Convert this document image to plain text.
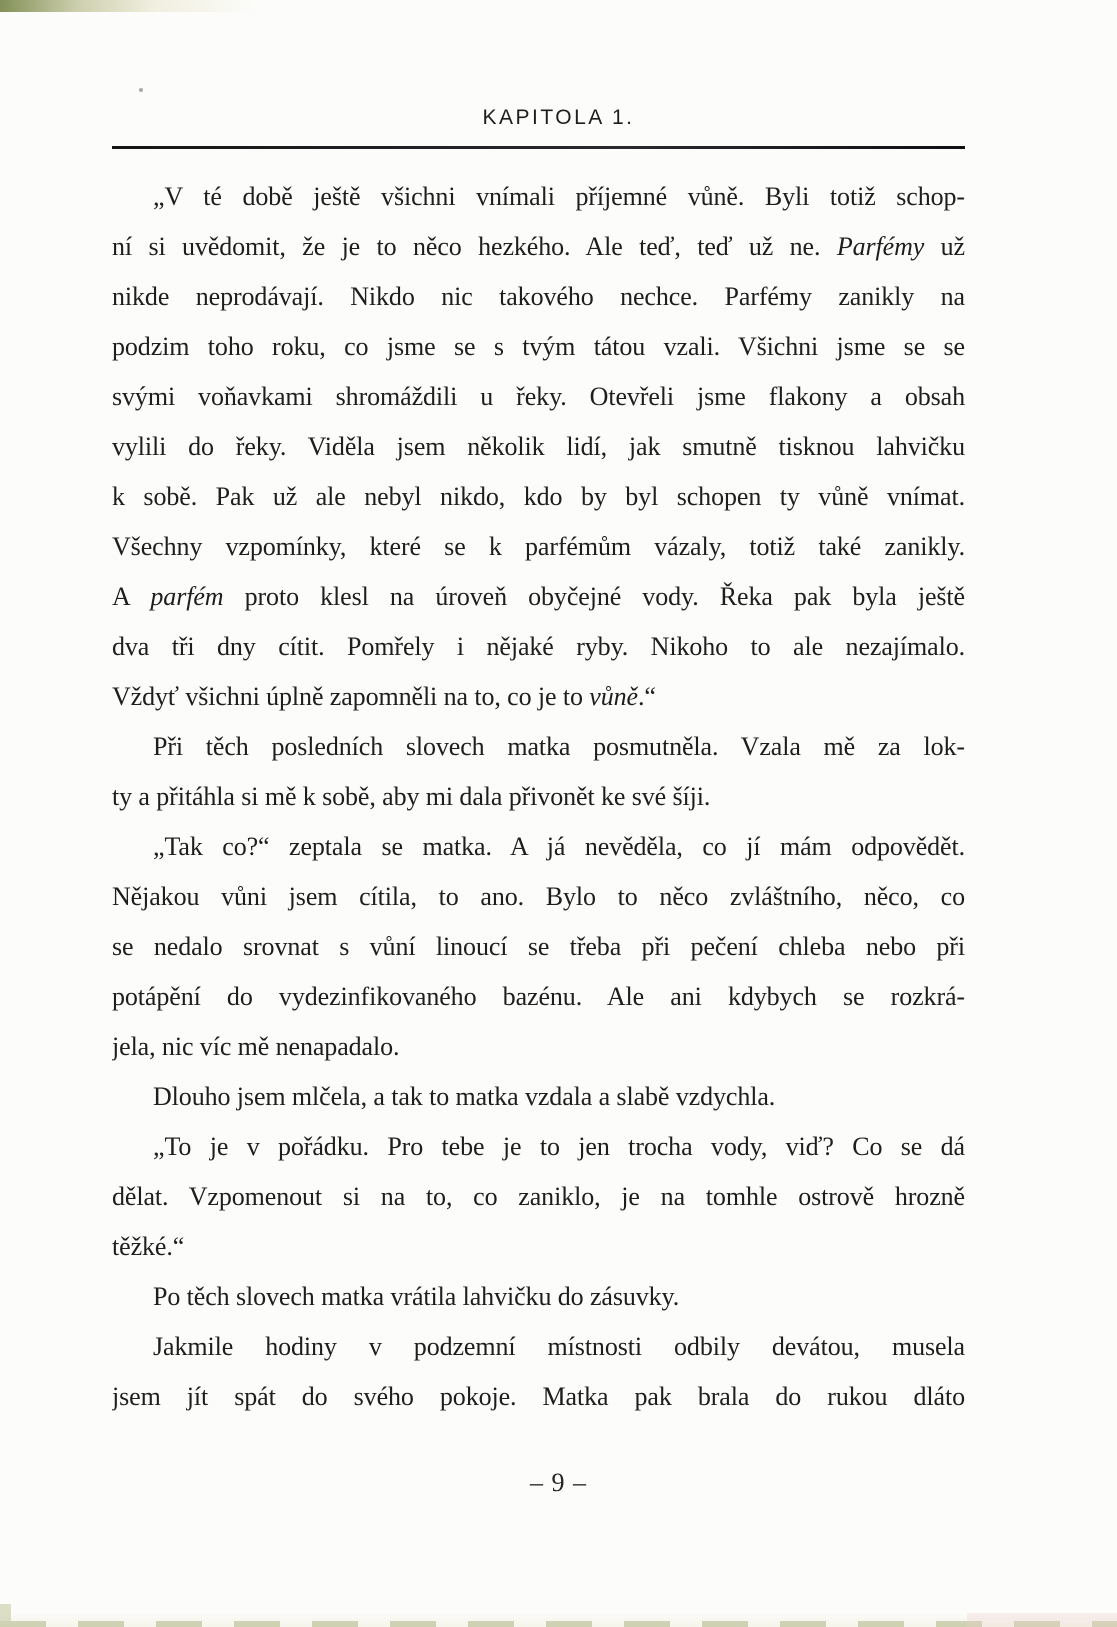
KAPITOLA 1.
„V té době ještě všichni vnímali příjemné vůně. Byli totiž schop-
ní si uvědomit, že je to něco hezkého. Ale teď, teď už ne. Parfémy už
nikde neprodávají. Nikdo nic takového nechce. Parfémy zanikly na
podzim toho roku, co jsme se s tvým tátou vzali. Všichni jsme se se
svými voňavkami shromáždili u řeky. Otevřeli jsme flakony a obsah
vylili do řeky. Viděla jsem několik lidí, jak smutně tisknou lahvičku
k sobě. Pak už ale nebyl nikdo, kdo by byl schopen ty vůně vnímat.
Všechny vzpomínky, které se k parfémům vázaly, totiž také zanikly.
A parfém proto klesl na úroveň obyčejné vody. Řeka pak byla ještě
dva tři dny cítit. Pomřely i nějaké ryby. Nikoho to ale nezajímalo.
Vždyť všichni úplně zapomněli na to, co je to vůně.“
Při těch posledních slovech matka posmutněla. Vzala mě za lok-
ty a přitáhla si mě k sobě, aby mi dala přivonět ke své šíji.
„Tak co?“ zeptala se matka. A já nevěděla, co jí mám odpovědět.
Nějakou vůni jsem cítila, to ano. Bylo to něco zvláštního, něco, co
se nedalo srovnat s vůní linoucí se třeba při pečení chleba nebo při
potápění do vydezinfikovaného bazénu. Ale ani kdybych se rozkrá-
jela, nic víc mě nenapadalo.
Dlouho jsem mlčela, a tak to matka vzdala a slabě vzdychla.
„To je v pořádku. Pro tebe je to jen trocha vody, viď? Co se dá
dělat. Vzpomenout si na to, co zaniklo, je na tomhle ostrově hrozně
těžké.“
Po těch slovech matka vrátila lahvičku do zásuvky.
Jakmile hodiny v podzemní místnosti odbily devátou, musela
jsem jít spát do svého pokoje. Matka pak brala do rukou dláto
– 9 –
